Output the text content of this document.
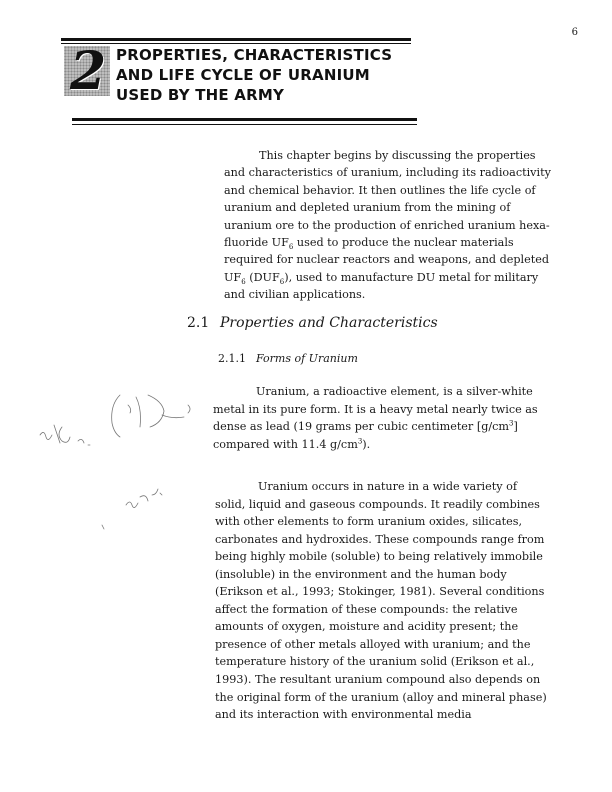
6
2 PROPERTIES, CHARACTERISTICS AND LIFE CYCLE OF URANIUM USED BY THE ARMY

This chapter begins by discussing the properties and characteristics of uranium, including its radioactivity and chemical behavior. It then outlines the life cycle of uranium and depleted uranium from the mining of uranium ore to the production of enriched uranium hexa-fluoride $UF_6$ used to produce the nuclear materials required for nuclear reactors and weapons, and depleted $UF_6$ $(DUF_6)$, used to manufacture DU metal for military and civilian applications.

2.1 Properties and Characteristics
2.1.1 Forms of Uranium

Uranium, a radioactive element, is a silver-white metal in its pure form. It is a heavy metal nearly twice as dense as lead (19 grams per cubic centimeter $[g/cm^3]$ compared with 11.4 $g/cm^3$).

Uranium occurs in nature in a wide variety of solid, liquid and gaseous compounds. It readily combines with other elements to form uranium oxides, silicates, carbonates and hydroxides. These compounds range from being highly mobile (soluble) to being relatively immobile (insoluble) in the environment and the human body (Erikson et al., 1993; Stokinger, 1981). Several conditions affect the formation of these compounds: the relative amounts of oxygen, moisture and acidity present; the presence of other metals alloyed with uranium; and the temperature history of the uranium solid (Erikson et al., 1993). The resultant uranium compound also depends on the original form of the uranium (alloy and mineral phase) and its interaction with environmental media
